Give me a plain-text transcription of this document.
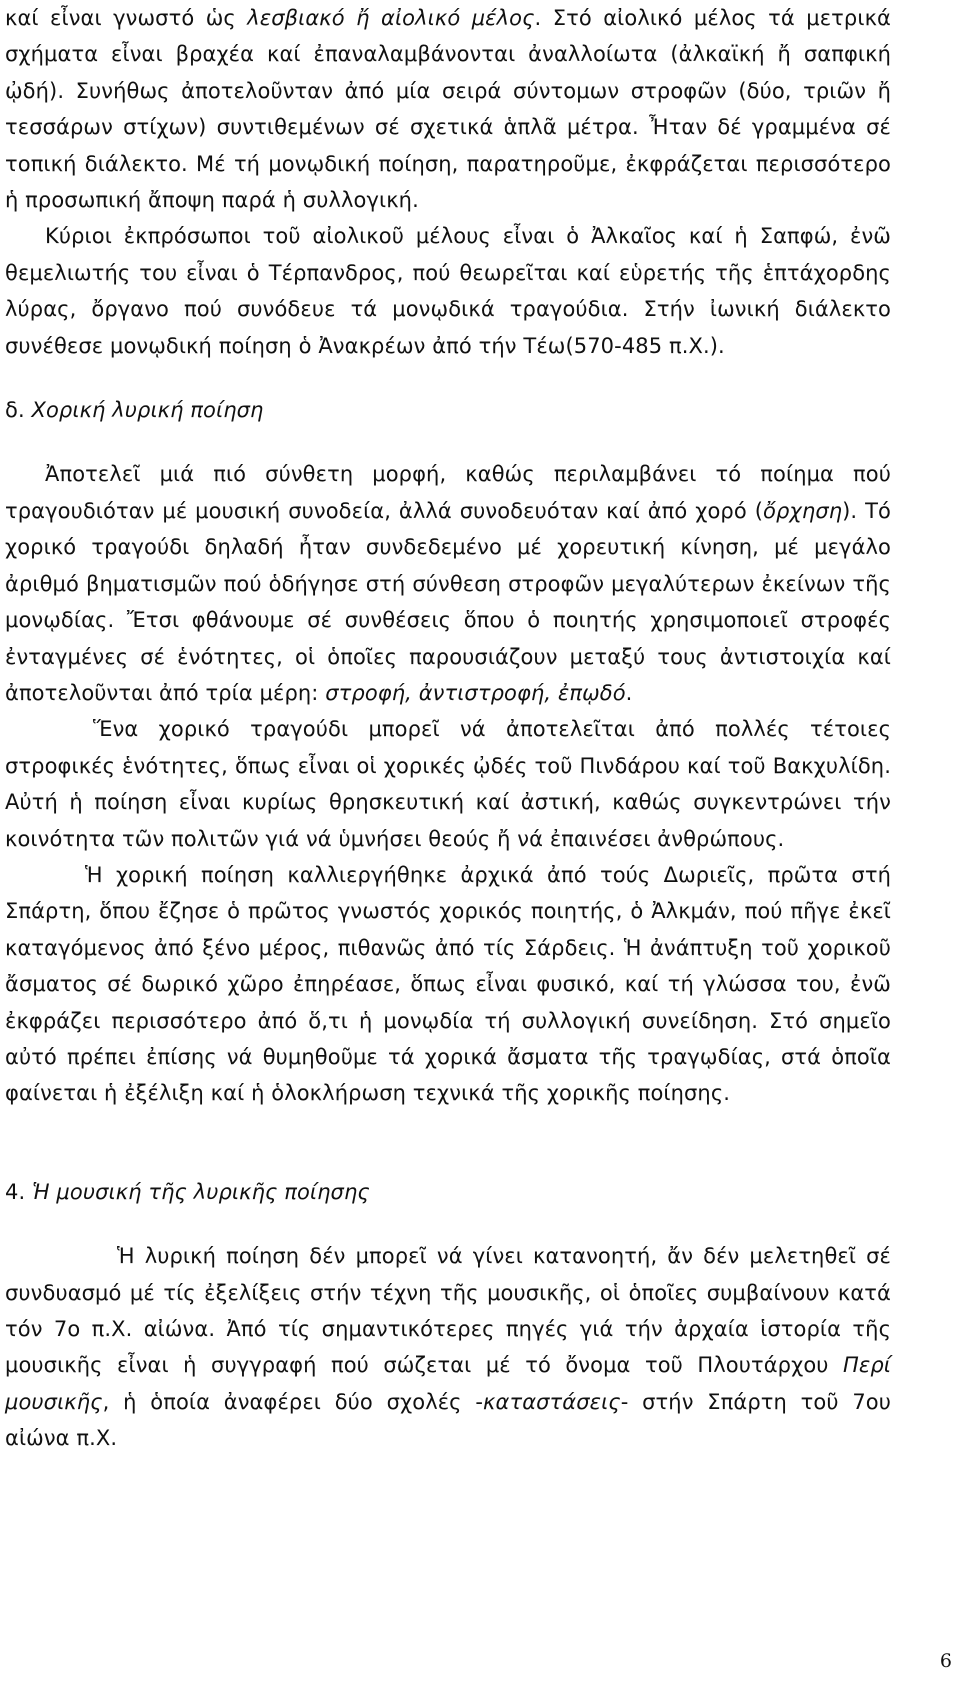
καί εἶναι γνωστό ὡς λεσβιακό ἤ αἰολικό μέλος. Στό αἰολικό μέλος τά μετρικά σχήματα εἶναι βραχέα καί ἐπαναλαμβάνονται ἀναλλοίωτα (ἀλκαϊκή ἤ σαπφική ᾠδή). Συνήθως ἀποτελοῦνταν ἀπό μία σειρά σύντομων στροφῶν (δύο, τριῶν ἤ τεσσάρων στίχων) συντιθεμένων σέ σχετικά ἁπλᾶ μέτρα. Ἦταν δέ γραμμένα σέ τοπική διάλεκτο. Μέ τή μονῳδική ποίηση, παρατηροῦμε, ἐκφράζεται περισσότερο ἡ προσωπική ἄποψη παρά ἡ συλλογική.

Κύριοι ἐκπρόσωποι τοῦ αἰολικοῦ μέλους εἶναι ὁ Ἀλκαῖος καί ἡ Σαπφώ, ἐνῶ θεμελιωτής του εἶναι ὁ Τέρπανδρος, πού θεωρεῖται καί εὑρετής τῆς ἑπτάχορδης λύρας, ὄργανο πού συνόδευε τά μονῳδικά τραγούδια. Στήν ἰωνική διάλεκτο συνέθεσε μονῳδική ποίηση ὁ Ἀνακρέων ἀπό τήν Τέω(570-485 π.Χ.).

δ. Χορική λυρική ποίηση

Ἀποτελεῖ μιά πιό σύνθετη μορφή, καθώς περιλαμβάνει τό ποίημα πού τραγουδιόταν μέ μουσική συνοδεία, ἀλλά συνοδευόταν καί ἀπό χορό (ὄρχηση). Τό χορικό τραγούδι δηλαδή ἦταν συνδεδεμένο μέ χορευτική κίνηση, μέ μεγάλο ἀριθμό βηματισμῶν πού ὁδήγησε στή σύνθεση στροφῶν μεγαλύτερων ἐκείνων τῆς μονῳδίας. Ἔτσι φθάνουμε σέ συνθέσεις ὅπου ὁ ποιητής χρησιμοποιεῖ στροφές ἐνταγμένες σέ ἑνότητες, οἱ ὁποῖες παρουσιάζουν μεταξύ τους ἀντιστοιχία καί ἀποτελοῦνται ἀπό τρία μέρη: στροφή, ἀντιστροφή, ἐπῳδό.

Ἕνα χορικό τραγούδι μπορεῖ νά ἀποτελεῖται ἀπό πολλές τέτοιες στροφικές ἑνότητες, ὅπως εἶναι οἱ χορικές ᾠδές τοῦ Πινδάρου καί τοῦ Βακχυλίδη. Αὐτή ἡ ποίηση εἶναι κυρίως θρησκευτική καί ἀστική, καθώς συγκεντρώνει τήν κοινότητα τῶν πολιτῶν γιά νά ὑμνήσει θεούς ἤ νά ἐπαινέσει ἀνθρώπους.

Ἡ χορική ποίηση καλλιεργήθηκε ἀρχικά ἀπό τούς Δωριεῖς, πρῶτα στή Σπάρτη, ὅπου ἔζησε ὁ πρῶτος γνωστός χορικός ποιητής, ὁ Ἀλκμάν, πού πῆγε ἐκεῖ καταγόμενος ἀπό ξένο μέρος, πιθανῶς ἀπό τίς Σάρδεις. Ἡ ἀνάπτυξη τοῦ χορικοῦ ἄσματος σέ δωρικό χῶρο ἐπηρέασε, ὅπως εἶναι φυσικό, καί τή γλώσσα του, ἐνῶ ἐκφράζει περισσότερο ἀπό ὅ,τι ἡ μονῳδία τή συλλογική συνείδηση. Στό σημεῖο αὐτό πρέπει ἐπίσης νά θυμηθοῦμε τά χορικά ἄσματα τῆς τραγῳδίας, στά ὁποῖα φαίνεται ἡ ἐξέλιξη καί ἡ ὁλοκλήρωση τεχνικά τῆς χορικῆς ποίησης.

4. Ἡ μουσική τῆς λυρικῆς ποίησης

Ἡ λυρική ποίηση δέν μπορεῖ νά γίνει κατανοητή, ἄν δέν μελετηθεῖ σέ συνδυασμό μέ τίς ἐξελίξεις στήν τέχνη τῆς μουσικῆς, οἱ ὁποῖες συμβαίνουν κατά τόν 7ο π.Χ. αἰώνα. Ἀπό τίς σημαντικότερες πηγές γιά τήν ἀρχαία ἱστορία τῆς μουσικῆς εἶναι ἡ συγγραφή πού σώζεται μέ τό ὄνομα τοῦ Πλουτάρχου Περί μουσικῆς, ἡ ὁποία ἀναφέρει δύο σχολές -καταστάσεις- στήν Σπάρτη τοῦ 7ου αἰώνα π.Χ.

6
